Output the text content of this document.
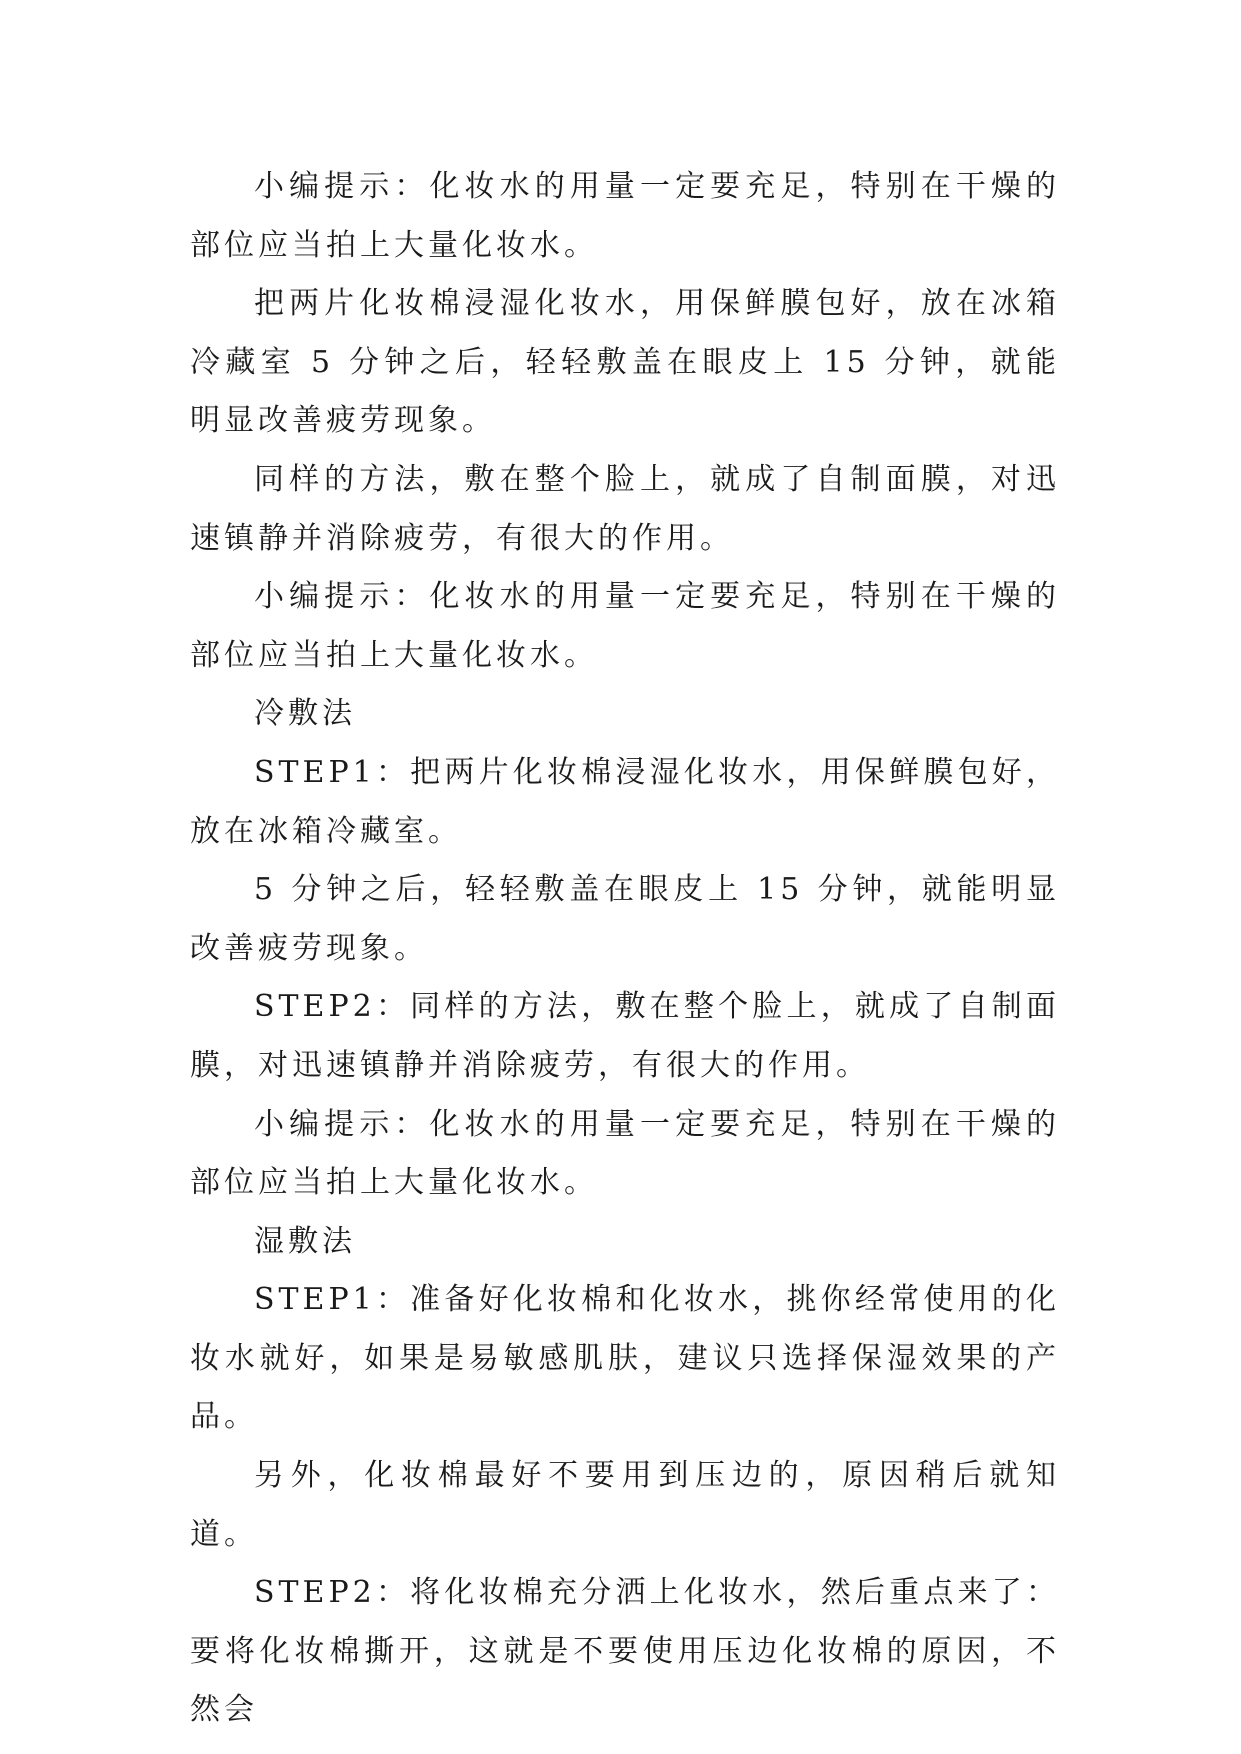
小编提示：化妆水的用量一定要充足，特别在干燥的部位应当拍上大量化妆水。

把两片化妆棉浸湿化妆水，用保鲜膜包好，放在冰箱冷藏室 5 分钟之后，轻轻敷盖在眼皮上 15 分钟，就能明显改善疲劳现象。

同样的方法，敷在整个脸上，就成了自制面膜，对迅速镇静并消除疲劳，有很大的作用。

小编提示：化妆水的用量一定要充足，特别在干燥的部位应当拍上大量化妆水。

冷敷法

STEP1：把两片化妆棉浸湿化妆水，用保鲜膜包好，放在冰箱冷藏室。

5 分钟之后，轻轻敷盖在眼皮上 15 分钟，就能明显改善疲劳现象。

STEP2：同样的方法，敷在整个脸上，就成了自制面膜，对迅速镇静并消除疲劳，有很大的作用。

小编提示：化妆水的用量一定要充足，特别在干燥的部位应当拍上大量化妆水。

湿敷法

STEP1：准备好化妆棉和化妆水，挑你经常使用的化妆水就好，如果是易敏感肌肤，建议只选择保湿效果的产品。

另外，化妆棉最好不要用到压边的，原因稍后就知道。

STEP2：将化妆棉充分洒上化妆水，然后重点来了：要将化妆棉撕开，这就是不要使用压边化妆棉的原因，不然会
